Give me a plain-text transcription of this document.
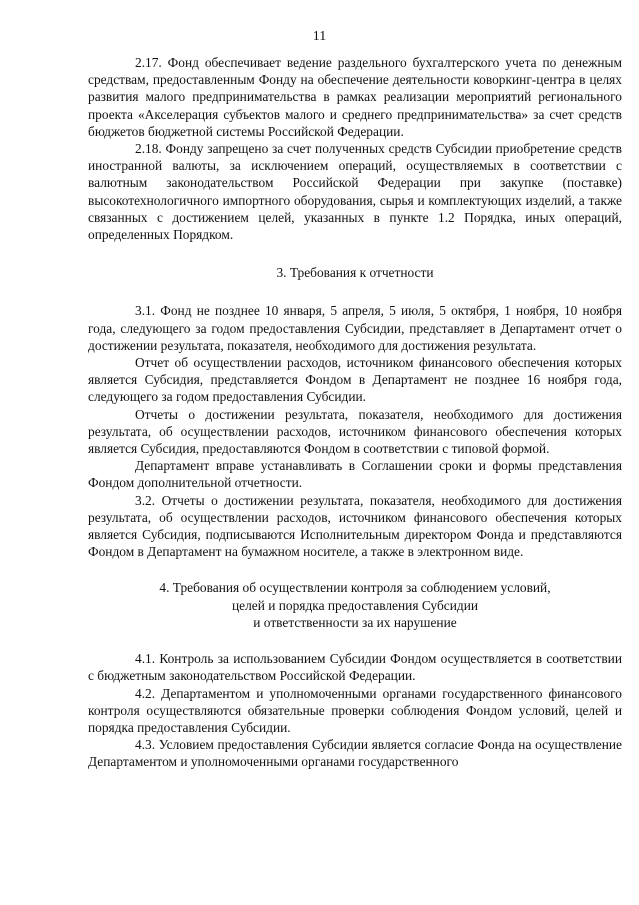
11

2.17. Фонд обеспечивает ведение раздельного бухгалтерского учета по денежным средствам, предоставленным Фонду на обеспечение деятельности коворкинг-центра в целях развития малого предпринимательства в рамках реализации мероприятий регионального проекта «Акселерация субъектов малого и среднего предпринимательства» за счет средств бюджетов бюджетной системы Российской Федерации.

2.18. Фонду запрещено за счет полученных средств Субсидии приобретение средств иностранной валюты, за исключением операций, осуществляемых в соответствии с валютным законодательством Российской Федерации при закупке (поставке) высокотехнологичного импортного оборудования, сырья и комплектующих изделий, а также связанных с достижением целей, указанных в пункте 1.2 Порядка, иных операций, определенных Порядком.

3. Требования к отчетности

3.1. Фонд не позднее 10 января, 5 апреля, 5 июля, 5 октября, 1 ноября, 10 ноября года, следующего за годом предоставления Субсидии, представляет в Департамент отчет о достижении результата, показателя, необходимого для достижения результата.

Отчет об осуществлении расходов, источником финансового обеспечения которых является Субсидия, представляется Фондом в Департамент не позднее 16 ноября года, следующего за годом предоставления Субсидии.

Отчеты о достижении результата, показателя, необходимого для достижения результата, об осуществлении расходов, источником финансового обеспечения которых является Субсидия, предоставляются Фондом в соответствии с типовой формой.

Департамент вправе устанавливать в Соглашении сроки и формы представления Фондом дополнительной отчетности.

3.2. Отчеты о достижении результата, показателя, необходимого для достижения результата, об осуществлении расходов, источником финансового обеспечения которых является Субсидия, подписываются Исполнительным директором Фонда и представляются Фондом в Департамент на бумажном носителе, а также в электронном виде.

4. Требования об осуществлении контроля за соблюдением условий,
целей и порядка предоставления Субсидии
и ответственности за их нарушение

4.1. Контроль за использованием Субсидии Фондом осуществляется в соответствии с бюджетным законодательством Российской Федерации.

4.2. Департаментом и уполномоченными органами государственного финансового контроля осуществляются обязательные проверки соблюдения Фондом условий, целей и порядка предоставления Субсидии.

4.3. Условием предоставления Субсидии является согласие Фонда на осуществление Департаментом и уполномоченными органами государственного
